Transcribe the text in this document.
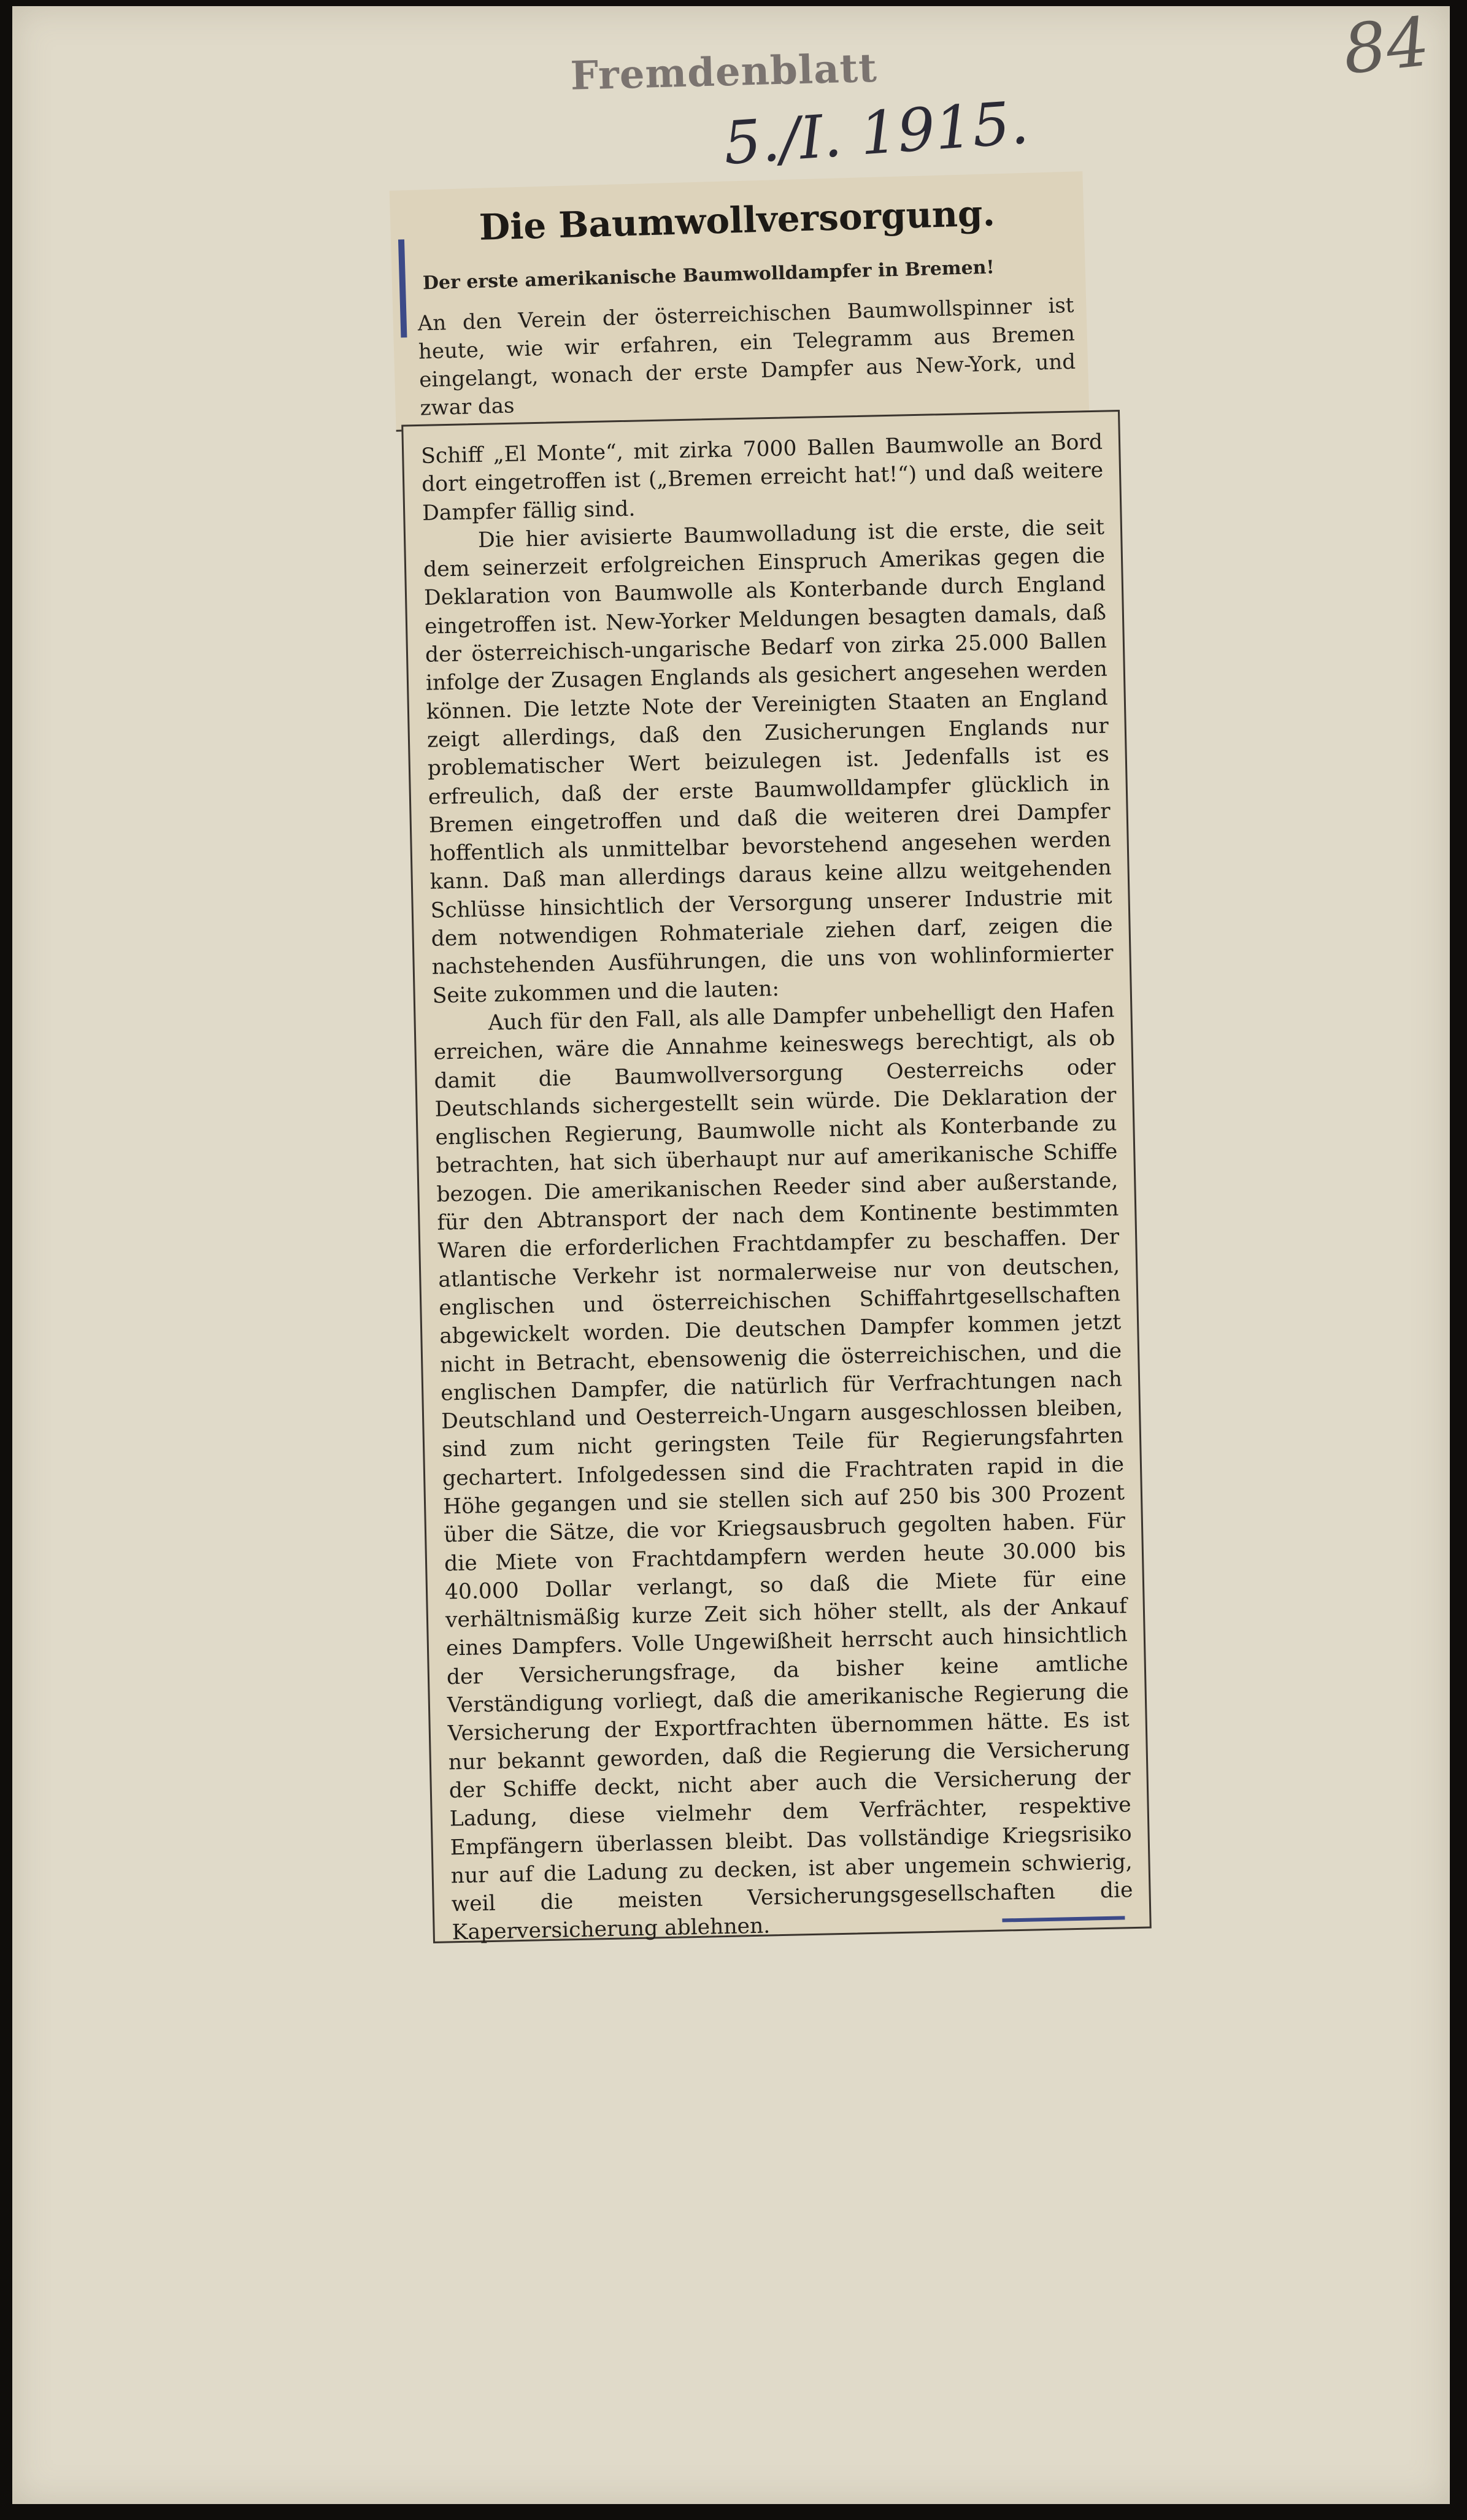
Fremdenblatt
5./I. 1915.
84
Die Baumwollversorgung.
Der erste amerikanische Baumwolldampfer in Bremen!
An den Verein der österreichischen Baumwollspinner ist heute, wie wir erfahren, ein Telegramm aus Bremen eingelangt, wonach der erste Dampfer aus New-York, und zwar das

Schiff „El Monte“, mit zirka 7000 Ballen Baumwolle an Bord dort eingetroffen ist („Bremen erreicht hat!“) und daß weitere Dampfer fällig sind.

Die hier avisierte Baumwolladung ist die erste, die seit dem seinerzeit erfolgreichen Einspruch Amerikas gegen die Deklaration von Baumwolle als Konterbande durch England eingetroffen ist. New-Yorker Meldungen besagten damals, daß der österreichisch-ungarische Bedarf von zirka 25.000 Ballen infolge der Zusagen Englands als gesichert angesehen werden können. Die letzte Note der Vereinigten Staaten an England zeigt allerdings, daß den Zusicherungen Englands nur problematischer Wert beizulegen ist. Jedenfalls ist es erfreulich, daß der erste Baumwolldampfer glücklich in Bremen eingetroffen und daß die weiteren drei Dampfer hoffentlich als unmittelbar bevorstehend angesehen werden kann. Daß man allerdings daraus keine allzu weitgehenden Schlüsse hinsichtlich der Versorgung unserer Industrie mit dem notwendigen Rohmateriale ziehen darf, zeigen die nachstehenden Ausführungen, die uns von wohlinformierter Seite zukommen und die lauten:

Auch für den Fall, als alle Dampfer unbehelligt den Hafen erreichen, wäre die Annahme keineswegs berechtigt, als ob damit die Baumwollversorgung Oesterreichs oder Deutschlands sichergestellt sein würde. Die Deklaration der englischen Regierung, Baumwolle nicht als Konterbande zu betrachten, hat sich überhaupt nur auf amerikanische Schiffe bezogen. Die amerikanischen Reeder sind aber außerstande, für den Abtransport der nach dem Kontinente bestimmten Waren die erforderlichen Frachtdampfer zu beschaffen. Der atlantische Verkehr ist normalerweise nur von deutschen, englischen und österreichischen Schiffahrtgesellschaften abgewickelt worden. Die deutschen Dampfer kommen jetzt nicht in Betracht, ebensowenig die österreichischen, und die englischen Dampfer, die natürlich für Verfrachtungen nach Deutschland und Oesterreich-Ungarn ausgeschlossen bleiben, sind zum nicht geringsten Teile für Regierungsfahrten gechartert. Infolgedessen sind die Frachtraten rapid in die Höhe gegangen und sie stellen sich auf 250 bis 300 Prozent über die Sätze, die vor Kriegsausbruch gegolten haben. Für die Miete von Frachtdampfern werden heute 30.000 bis 40.000 Dollar verlangt, so daß die Miete für eine verhältnismäßig kurze Zeit sich höher stellt, als der Ankauf eines Dampfers. Volle Ungewißheit herrscht auch hinsichtlich der Versicherungsfrage, da bisher keine amtliche Verständigung vorliegt, daß die amerikanische Regierung die Versicherung der Exportfrachten übernommen hätte. Es ist nur bekannt geworden, daß die Regierung die Versicherung der Schiffe deckt, nicht aber auch die Versicherung der Ladung, diese vielmehr dem Verfrächter, respektive Empfängern überlassen bleibt. Das vollständige Kriegsrisiko nur auf die Ladung zu decken, ist aber ungemein schwierig, weil die meisten Versicherungsgesellschaften die Kaperversicherung ablehnen.
